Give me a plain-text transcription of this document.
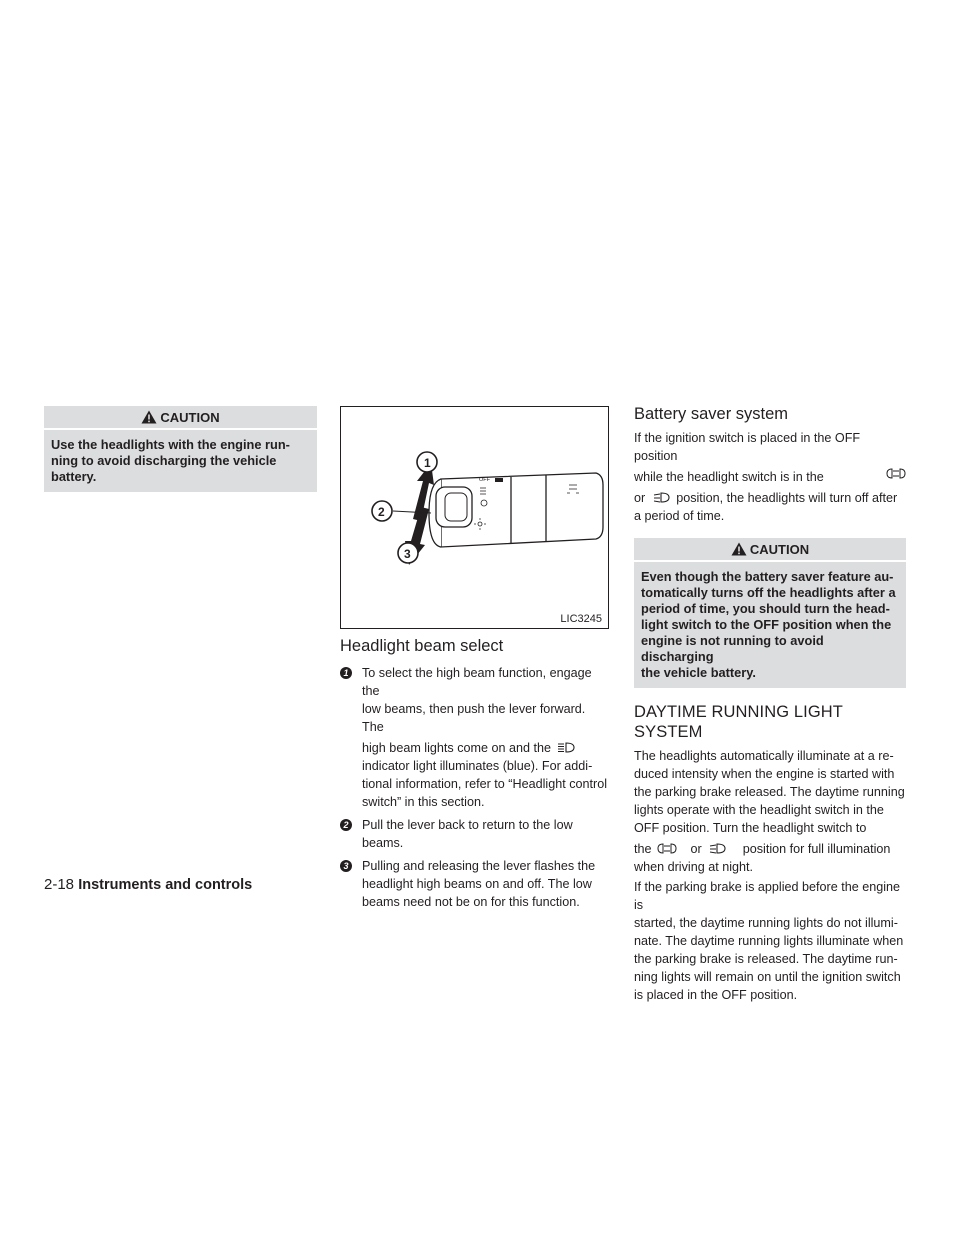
CAUTION
Use the headlights with the engine run-
ning to avoid discharging the vehicle
battery.	OFF
1
2
3
LIC3245
Headlight beam select
1	To select the high beam function, engage the
low beams, then push the lever forward. The
high beam lights come on and the
indicator light illuminates (blue). For addi-
tional information, refer to “Headlight control
switch” in this section.
2	Pull the lever back to return to the low
beams.
3	Pulling and releasing the lever flashes the
headlight high beams on and off. The low
beams need not be on for this function.
Battery saver system
If the ignition switch is placed in the OFF position
while the headlight switch is in the
or position, the headlights will turn off after
a period of time.
CAUTION
Even though the battery saver feature au-
tomatically turns off the headlights after a
period of time, you should turn the head-
light switch to the OFF position when the
engine is not running to avoid discharging
the vehicle battery.
DAYTIME RUNNING LIGHT SYSTEM
The headlights automatically illuminate at a re-
duced intensity when the engine is started with
the parking brake released. The daytime running
lights operate with the headlight switch in the
OFF position. Turn the headlight switch to
the	or	position for full illumination
when driving at night.
If the parking brake is applied before the engine is
started, the daytime running lights do not illumi-
nate. The daytime running lights illuminate when
the parking brake is released. The daytime run-
ning lights will remain on until the ignition switch
is placed in the OFF position.
2-18 Instruments and controls
